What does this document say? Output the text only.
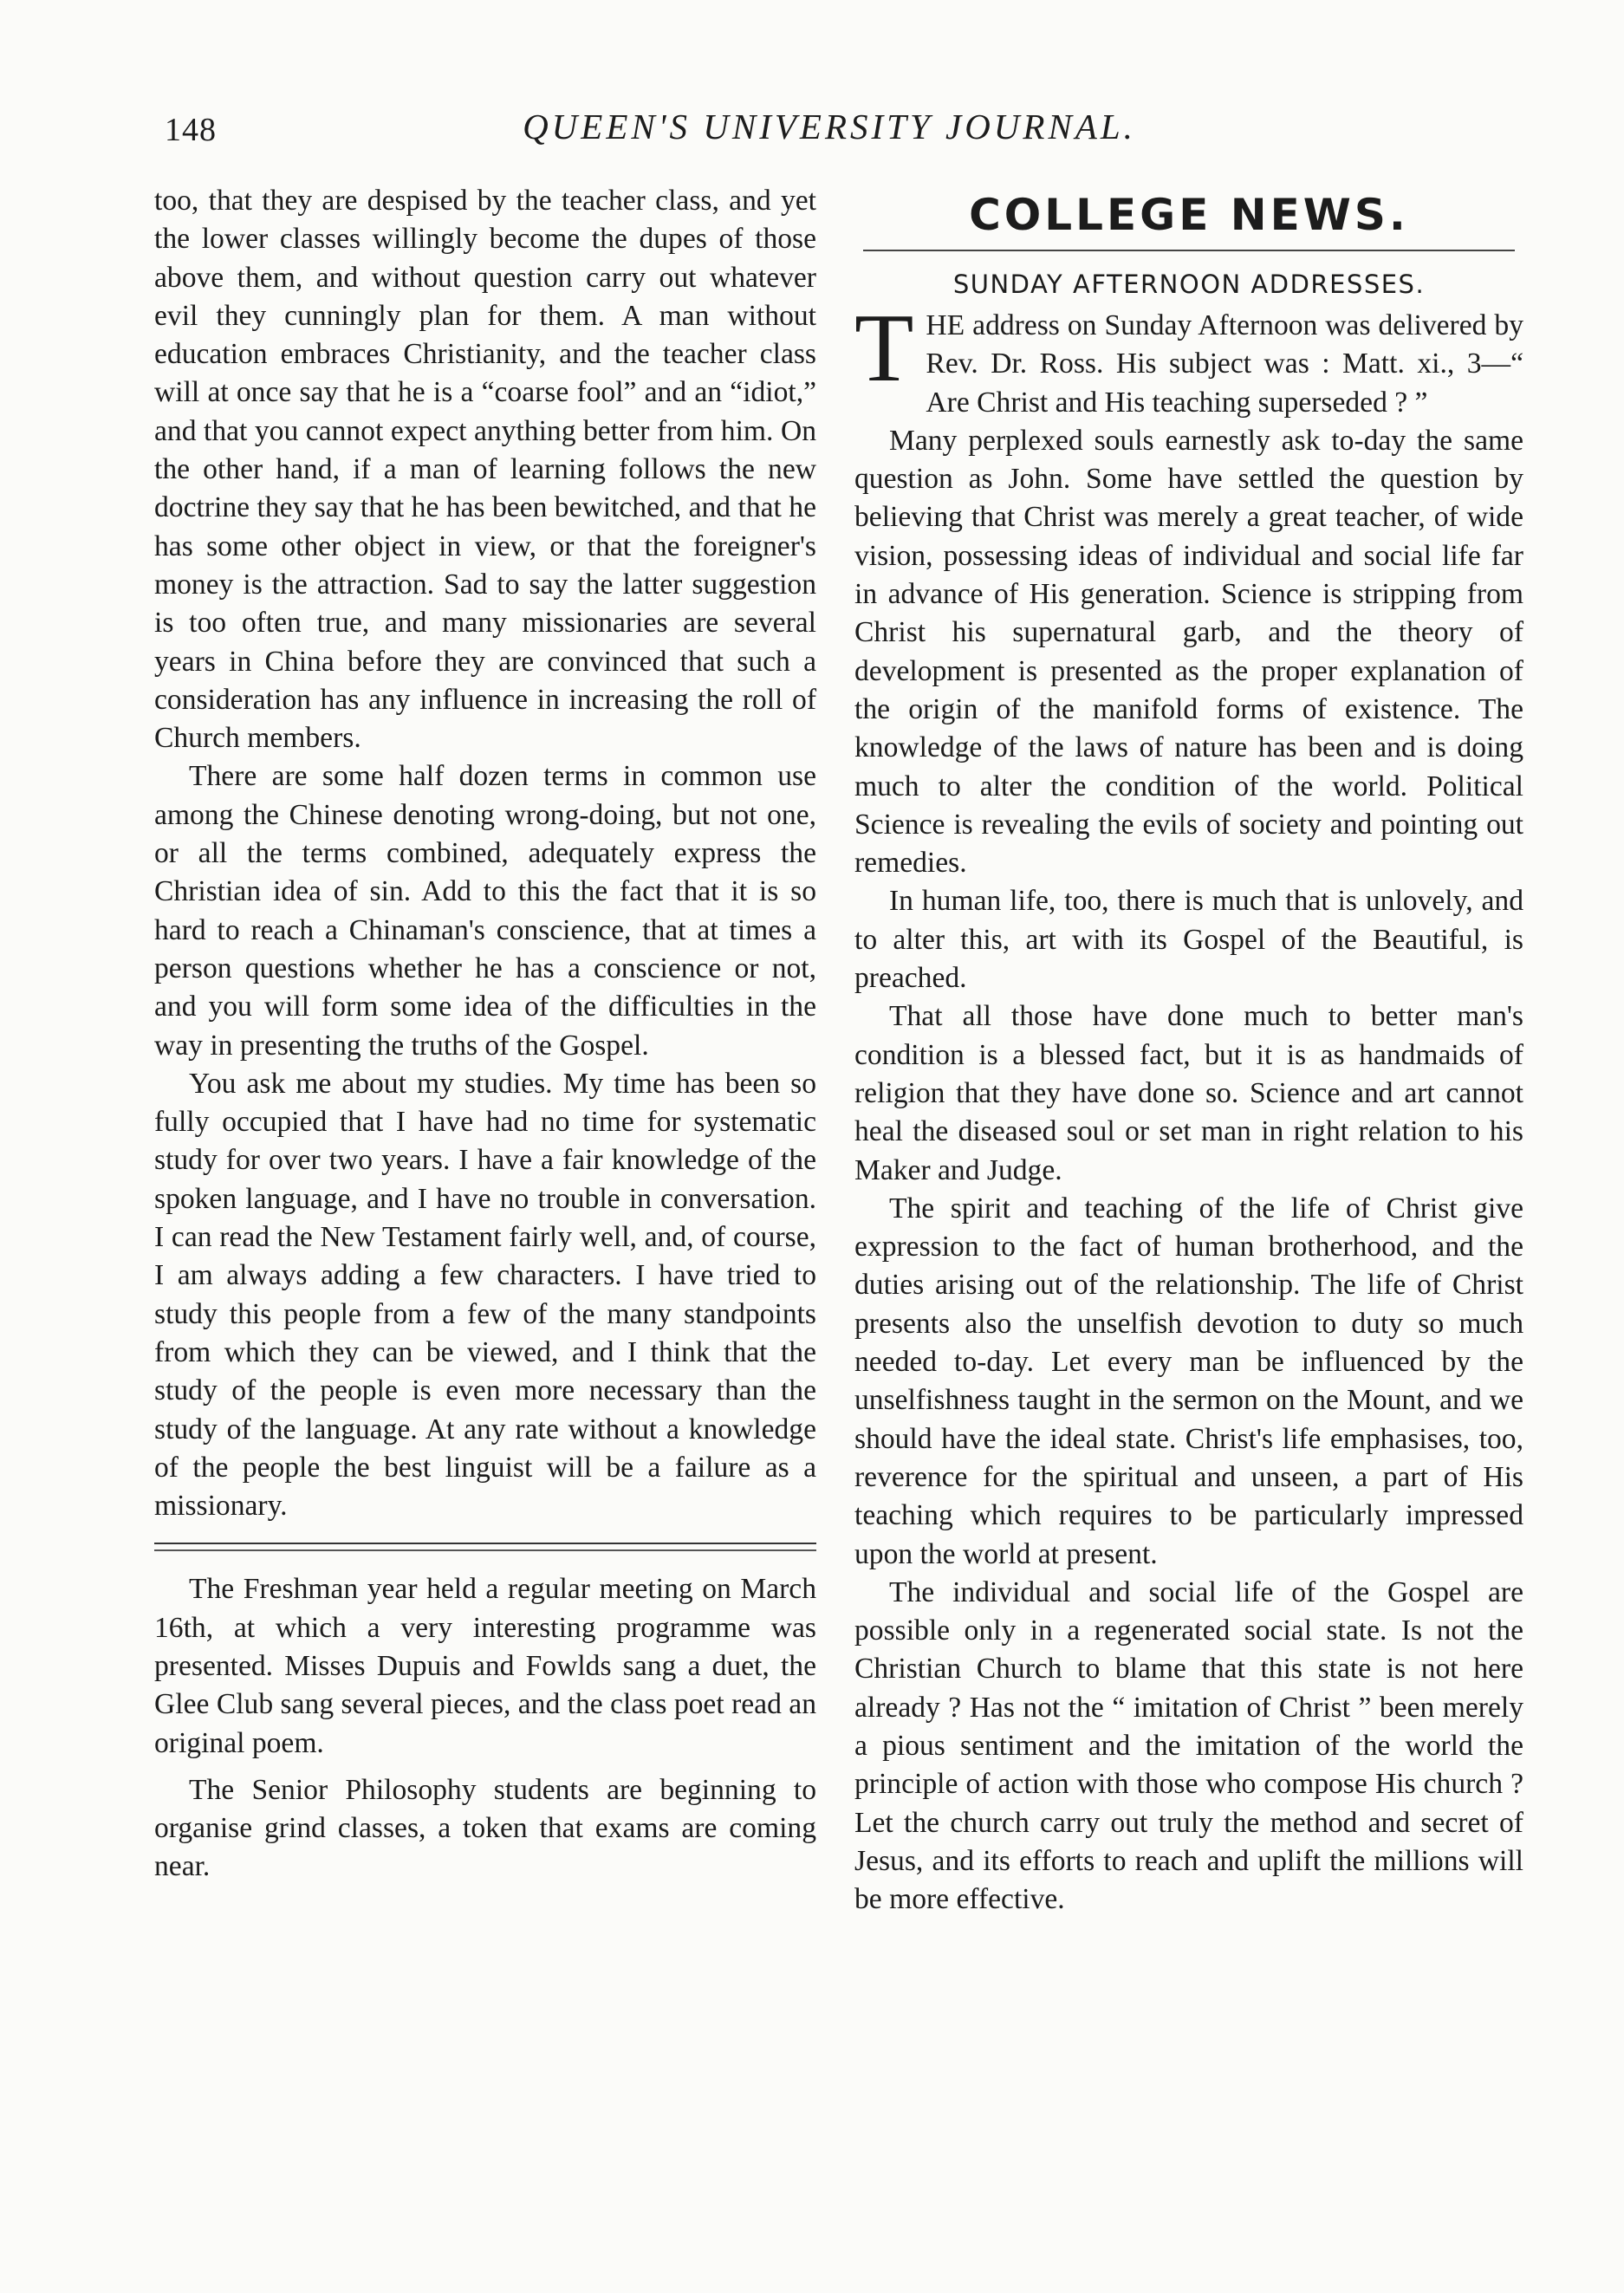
148	QUEEN'S UNIVERSITY JOURNAL.

too, that they are despised by the teacher class, and yet the lower classes willingly become the dupes of those above them, and without question carry out whatever evil they cunningly plan for them. A man without education embraces Christianity, and the teacher class will at once say that he is a “coarse fool” and an “idiot,” and that you cannot expect anything better from him. On the other hand, if a man of learning follows the new doctrine they say that he has been bewitched, and that he has some other object in view, or that the foreigner's money is the attraction. Sad to say the latter suggestion is too often true, and many missionaries are several years in China before they are convinced that such a consideration has any influence in increasing the roll of Church members.

There are some half dozen terms in common use among the Chinese denoting wrong-doing, but not one, or all the terms combined, adequately express the Christian idea of sin. Add to this the fact that it is so hard to reach a Chinaman's conscience, that at times a person questions whether he has a conscience or not, and you will form some idea of the difficulties in the way in presenting the truths of the Gospel.

You ask me about my studies. My time has been so fully occupied that I have had no time for systematic study for over two years. I have a fair knowledge of the spoken language, and I have no trouble in conversation. I can read the New Testament fairly well, and, of course, I am always adding a few characters. I have tried to study this people from a few of the many standpoints from which they can be viewed, and I think that the study of the people is even more necessary than the study of the language. At any rate without a knowledge of the people the best linguist will be a failure as a missionary.

The Freshman year held a regular meeting on March 16th, at which a very interesting programme was presented. Misses Dupuis and Fowlds sang a duet, the Glee Club sang several pieces, and the class poet read an original poem.

The Senior Philosophy students are beginning to organise grind classes, a token that exams are coming near.

COLLEGE NEWS.
SUNDAY AFTERNOON ADDRESSES.

THE address on Sunday Afternoon was delivered by Rev. Dr. Ross. His subject was : Matt. xi., 3—“ Are Christ and His teaching superseded ? ”

Many perplexed souls earnestly ask to-day the same question as John. Some have settled the question by believing that Christ was merely a great teacher, of wide vision, possessing ideas of individual and social life far in advance of His generation. Science is stripping from Christ his supernatural garb, and the theory of development is presented as the proper explanation of the origin of the manifold forms of existence. The knowledge of the laws of nature has been and is doing much to alter the condition of the world. Political Science is revealing the evils of society and pointing out remedies.

In human life, too, there is much that is unlovely, and to alter this, art with its Gospel of the Beautiful, is preached.

That all those have done much to better man's condition is a blessed fact, but it is as handmaids of religion that they have done so. Science and art cannot heal the diseased soul or set man in right relation to his Maker and Judge.

The spirit and teaching of the life of Christ give expression to the fact of human brotherhood, and the duties arising out of the relationship. The life of Christ presents also the unselfish devotion to duty so much needed to-day. Let every man be influenced by the unselfishness taught in the sermon on the Mount, and we should have the ideal state. Christ's life emphasises, too, reverence for the spiritual and unseen, a part of His teaching which requires to be particularly impressed upon the world at present.

The individual and social life of the Gospel are possible only in a regenerated social state. Is not the Christian Church to blame that this state is not here already ? Has not the “ imitation of Christ ” been merely a pious sentiment and the imitation of the world the principle of action with those who compose His church ? Let the church carry out truly the method and secret of Jesus, and its efforts to reach and uplift the millions will be more effective.
